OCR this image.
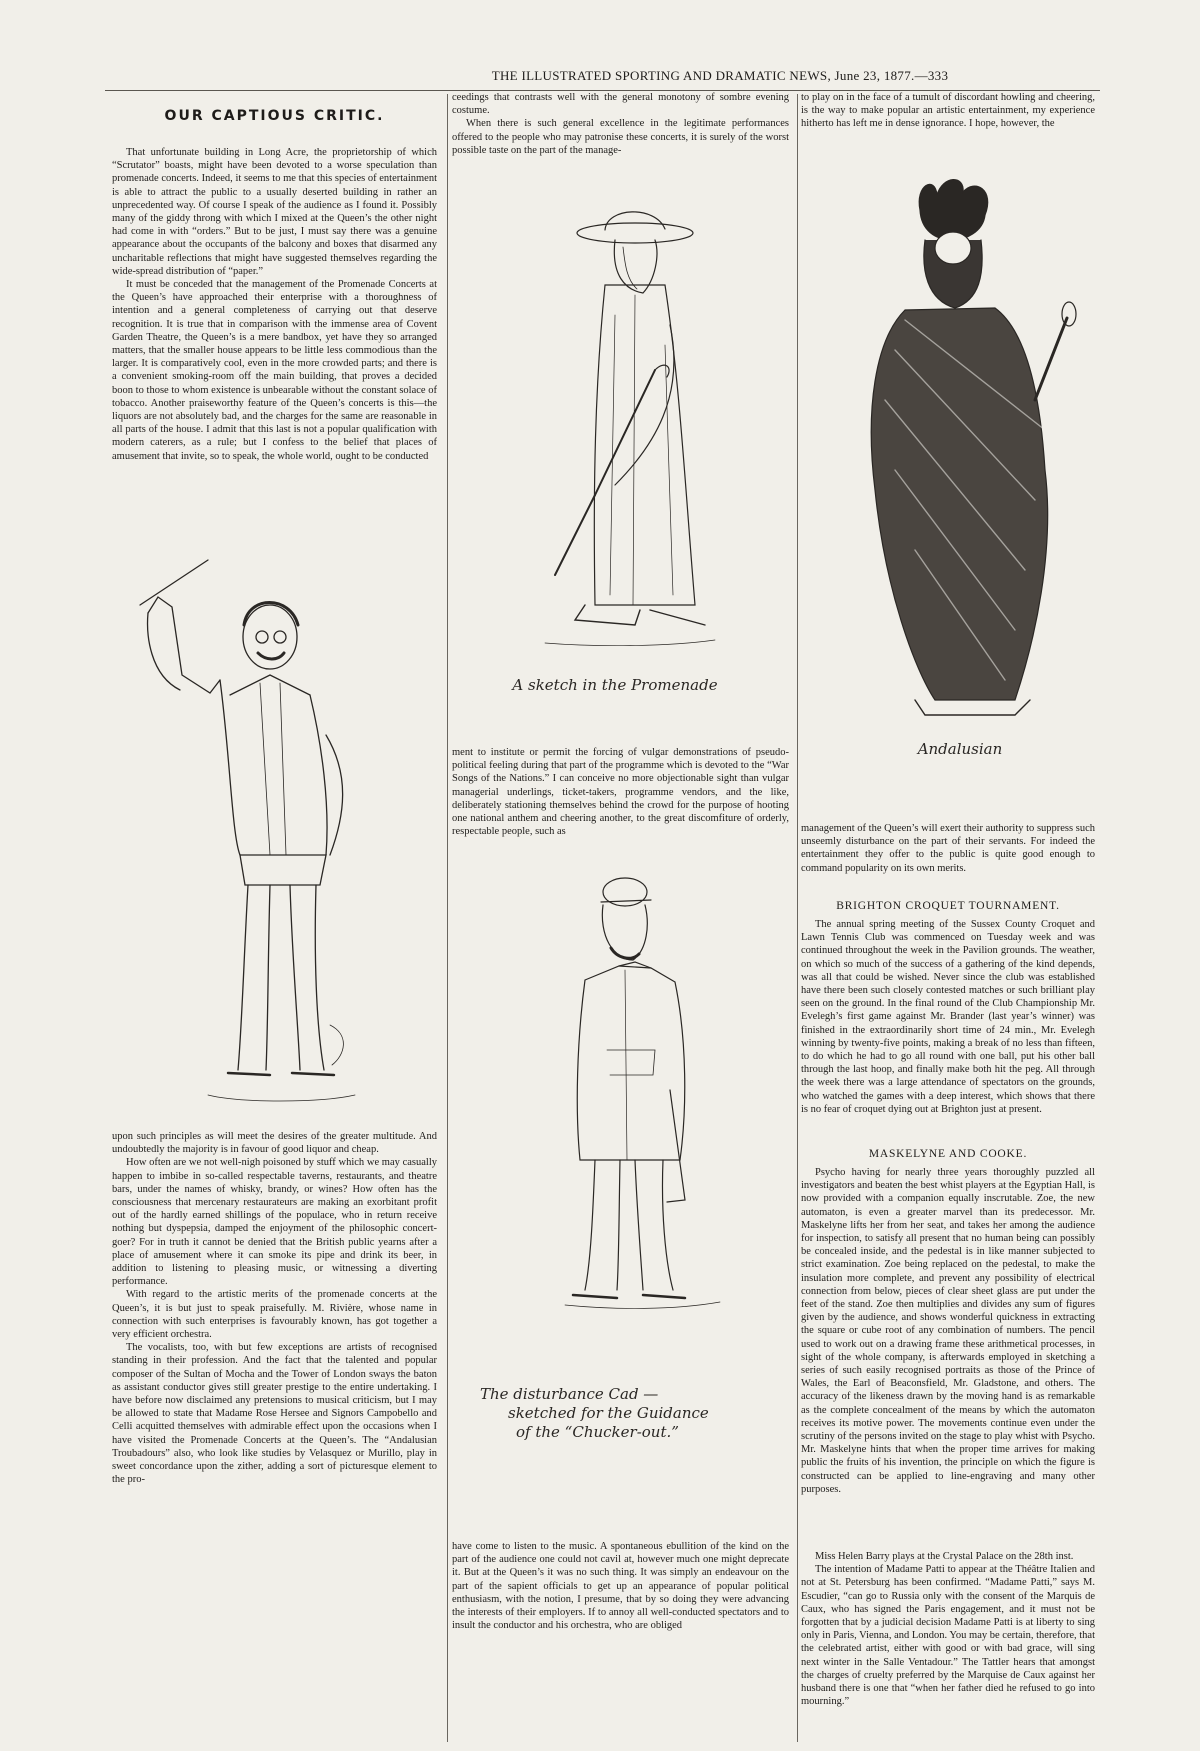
THE ILLUSTRATED SPORTING AND DRAMATIC NEWS, June 23, 1877.—333
OUR CAPTIOUS CRITIC.

That unfortunate building in Long Acre, the proprietorship of which “Scrutator” boasts, might have been devoted to a worse speculation than promenade concerts. Indeed, it seems to me that this species of entertainment is able to attract the public to a usually deserted building in rather an unprecedented way. Of course I speak of the audience as I found it. Possibly many of the giddy throng with which I mixed at the Queen’s the other night had come in with “orders.” But to be just, I must say there was a genuine appearance about the occupants of the balcony and boxes that disarmed any uncharitable reflections that might have suggested themselves regarding the wide-spread distribution of “paper.”

It must be conceded that the management of the Promenade Concerts at the Queen’s have approached their enterprise with a thoroughness of intention and a general completeness of carrying out that deserve recognition. It is true that in comparison with the immense area of Covent Garden Theatre, the Queen’s is a mere bandbox, yet have they so arranged matters, that the smaller house appears to be little less commodious than the larger. It is comparatively cool, even in the more crowded parts; and there is a convenient smoking-room off the main building, that proves a decided boon to those to whom existence is unbearable without the constant solace of tobacco. Another praiseworthy feature of the Queen’s concerts is this—the liquors are not absolutely bad, and the charges for the same are reasonable in all parts of the house. I admit that this last is not a popular qualification with modern caterers, as a rule; but I confess to the belief that places of amusement that invite, so to speak, the whole world, ought to be conducted

upon such principles as will meet the desires of the greater multitude. And undoubtedly the majority is in favour of good liquor and cheap.

How often are we not well-nigh poisoned by stuff which we may casually happen to imbibe in so-called respectable taverns, restaurants, and theatre bars, under the names of whisky, brandy, or wines? How often has the consciousness that mercenary restaurateurs are making an exorbitant profit out of the hardly earned shillings of the populace, who in return receive nothing but dyspepsia, damped the enjoyment of the philosophic concert-goer? For in truth it cannot be denied that the British public yearns after a place of amusement where it can smoke its pipe and drink its beer, in addition to listening to pleasing music, or witnessing a diverting performance.

With regard to the artistic merits of the promenade concerts at the Queen’s, it is but just to speak praisefully. M. Rivière, whose name in connection with such enterprises is favourably known, has got together a very efficient orchestra.

The vocalists, too, with but few exceptions are artists of recognised standing in their profession. And the fact that the talented and popular composer of the Sultan of Mocha and the Tower of London sways the baton as assistant conductor gives still greater prestige to the entire undertaking. I have before now disclaimed any pretensions to musical criticism, but I may be allowed to state that Madame Rose Hersee and Signors Campobello and Celli acquitted themselves with admirable effect upon the occasions when I have visited the Promenade Concerts at the Queen’s. The “Andalusian Troubadours” also, who look like studies by Velasquez or Murillo, play in sweet concordance upon the zither, adding a sort of picturesque element to the pro-

ceedings that contrasts well with the general monotony of sombre evening costume.

When there is such general excellence in the legitimate performances offered to the people who may patronise these concerts, it is surely of the worst possible taste on the part of the manage-

A sketch in the Promenade

ment to institute or permit the forcing of vulgar demonstrations of pseudo-political feeling during that part of the programme which is devoted to the “War Songs of the Nations.” I can conceive no more objectionable sight than vulgar managerial underlings, ticket-takers, programme vendors, and the like, deliberately stationing themselves behind the crowd for the purpose of hooting one national anthem and cheering another, to the great discomfiture of orderly, respectable people, such as

The disturbance Cad —
sketched for the Guidance
of the “Chucker-out.”

have come to listen to the music. A spontaneous ebullition of the kind on the part of the audience one could not cavil at, however much one might deprecate it. But at the Queen’s it was no such thing. It was simply an endeavour on the part of the sapient officials to get up an appearance of popular political enthusiasm, with the notion, I presume, that by so doing they were advancing the interests of their employers. If to annoy all well-conducted spectators and to insult the conductor and his orchestra, who are obliged

to play on in the face of a tumult of discordant howling and cheering, is the way to make popular an artistic entertainment, my experience hitherto has left me in dense ignorance. I hope, however, the

Andalusian

management of the Queen’s will exert their authority to suppress such unseemly disturbance on the part of their servants. For indeed the entertainment they offer to the public is quite good enough to command popularity on its own merits.

BRIGHTON CROQUET TOURNAMENT.

The annual spring meeting of the Sussex County Croquet and Lawn Tennis Club was commenced on Tuesday week and was continued throughout the week in the Pavilion grounds. The weather, on which so much of the success of a gathering of the kind depends, was all that could be wished. Never since the club was established have there been such closely contested matches or such brilliant play seen on the ground. In the final round of the Club Championship Mr. Evelegh’s first game against Mr. Brander (last year’s winner) was finished in the extraordinarily short time of 24 min., Mr. Evelegh winning by twenty-five points, making a break of no less than fifteen, to do which he had to go all round with one ball, put his other ball through the last hoop, and finally make both hit the peg. All through the week there was a large attendance of spectators on the grounds, who watched the games with a deep interest, which shows that there is no fear of croquet dying out at Brighton just at present.

MASKELYNE AND COOKE.

Psycho having for nearly three years thoroughly puzzled all investigators and beaten the best whist players at the Egyptian Hall, is now provided with a companion equally inscrutable. Zoe, the new automaton, is even a greater marvel than its predecessor. Mr. Maskelyne lifts her from her seat, and takes her among the audience for inspection, to satisfy all present that no human being can possibly be concealed inside, and the pedestal is in like manner subjected to strict examination. Zoe being replaced on the pedestal, to make the insulation more complete, and prevent any possibility of electrical connection from below, pieces of clear sheet glass are put under the feet of the stand. Zoe then multiplies and divides any sum of figures given by the audience, and shows wonderful quickness in extracting the square or cube root of any combination of numbers. The pencil used to work out on a drawing frame these arithmetical processes, in sight of the whole company, is afterwards employed in sketching a series of such easily recognised portraits as those of the Prince of Wales, the Earl of Beaconsfield, Mr. Gladstone, and others. The accuracy of the likeness drawn by the moving hand is as remarkable as the complete concealment of the means by which the automaton receives its motive power. The movements continue even under the scrutiny of the persons invited on the stage to play whist with Psycho. Mr. Maskelyne hints that when the proper time arrives for making public the fruits of his invention, the principle on which the figure is constructed can be applied to line-engraving and many other purposes.

Miss Helen Barry plays at the Crystal Palace on the 28th inst.

The intention of Madame Patti to appear at the Théâtre Italien and not at St. Petersburg has been confirmed. “Madame Patti,” says M. Escudier, “can go to Russia only with the consent of the Marquis de Caux, who has signed the Paris engagement, and it must not be forgotten that by a judicial decision Madame Patti is at liberty to sing only in Paris, Vienna, and London. You may be certain, therefore, that the celebrated artist, either with good or with bad grace, will sing next winter in the Salle Ventadour.” The Tattler hears that amongst the charges of cruelty preferred by the Marquise de Caux against her husband there is one that “when her father died he refused to go into mourning.”
